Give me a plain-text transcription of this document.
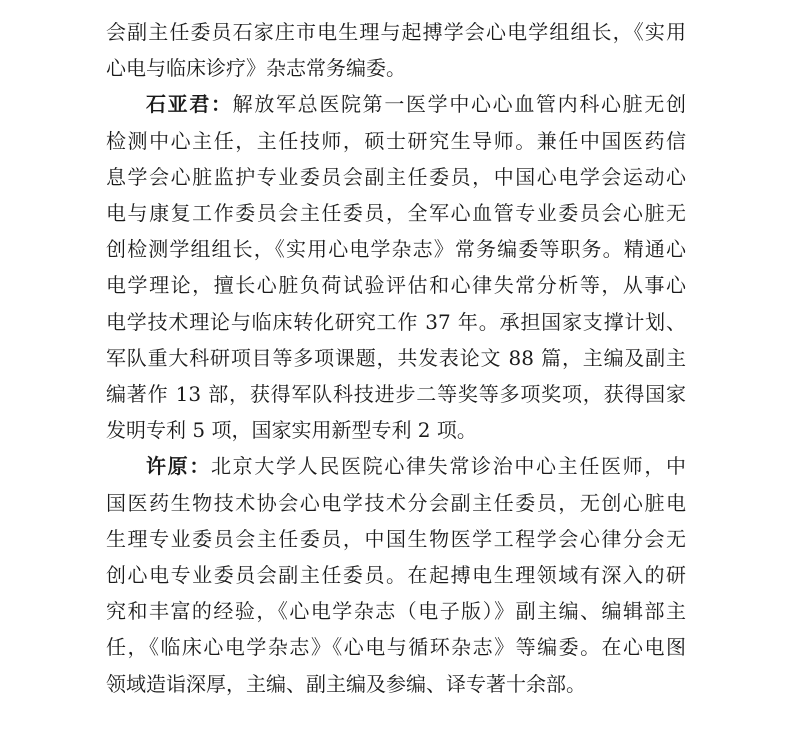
会副主任委员石家庄市电生理与起搏学会心电学组组长，《实用
心电与临床诊疗》杂志常务编委。

石亚君：解放军总医院第一医学中心心血管内科心脏无创
检测中心主任，主任技师，硕士研究生导师。兼任中国医药信
息学会心脏监护专业委员会副主任委员，中国心电学会运动心
电与康复工作委员会主任委员，全军心血管专业委员会心脏无
创检测学组组长，《实用心电学杂志》常务编委等职务。精通心
电学理论，擅长心脏负荷试验评估和心律失常分析等，从事心
电学技术理论与临床转化研究工作 37 年。承担国家支撑计划、
军队重大科研项目等多项课题，共发表论文 88 篇，主编及副主
编著作 13 部，获得军队科技进步二等奖等多项奖项，获得国家
发明专利 5 项，国家实用新型专利 2 项。

许原：北京大学人民医院心律失常诊治中心主任医师，中
国医药生物技术协会心电学技术分会副主任委员，无创心脏电
生理专业委员会主任委员，中国生物医学工程学会心律分会无
创心电专业委员会副主任委员。在起搏电生理领域有深入的研
究和丰富的经验，《心电学杂志（电子版）》副主编、编辑部主
任，《临床心电学杂志》《心电与循环杂志》等编委。在心电图
领域造诣深厚，主编、副主编及参编、译专著十余部。
